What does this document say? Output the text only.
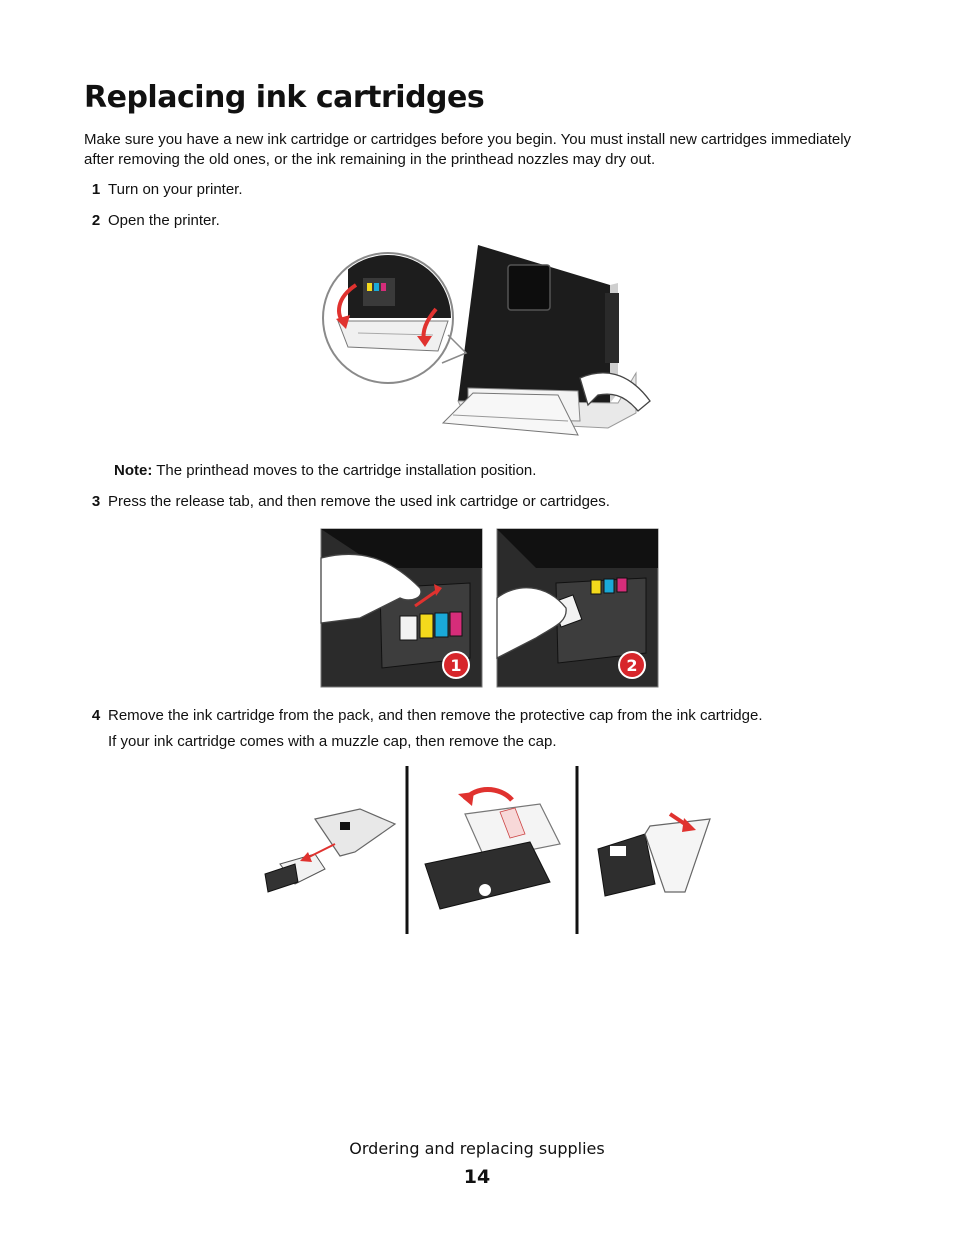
Replacing ink cartridges

Make sure you have a new ink cartridge or cartridges before you begin. You must install new cartridges immediately after removing the old ones, or the ink remaining in the printhead nozzles may dry out.

1 Turn on your printer.
2 Open the printer.
Note: The printhead moves to the cartridge installation position.
3 Press the release tab, and then remove the used ink cartridge or cartridges.
1	2
4 Remove the ink cartridge from the pack, and then remove the protective cap from the ink cartridge.
If your ink cartridge comes with a muzzle cap, then remove the cap.
Ordering and replacing supplies
14
